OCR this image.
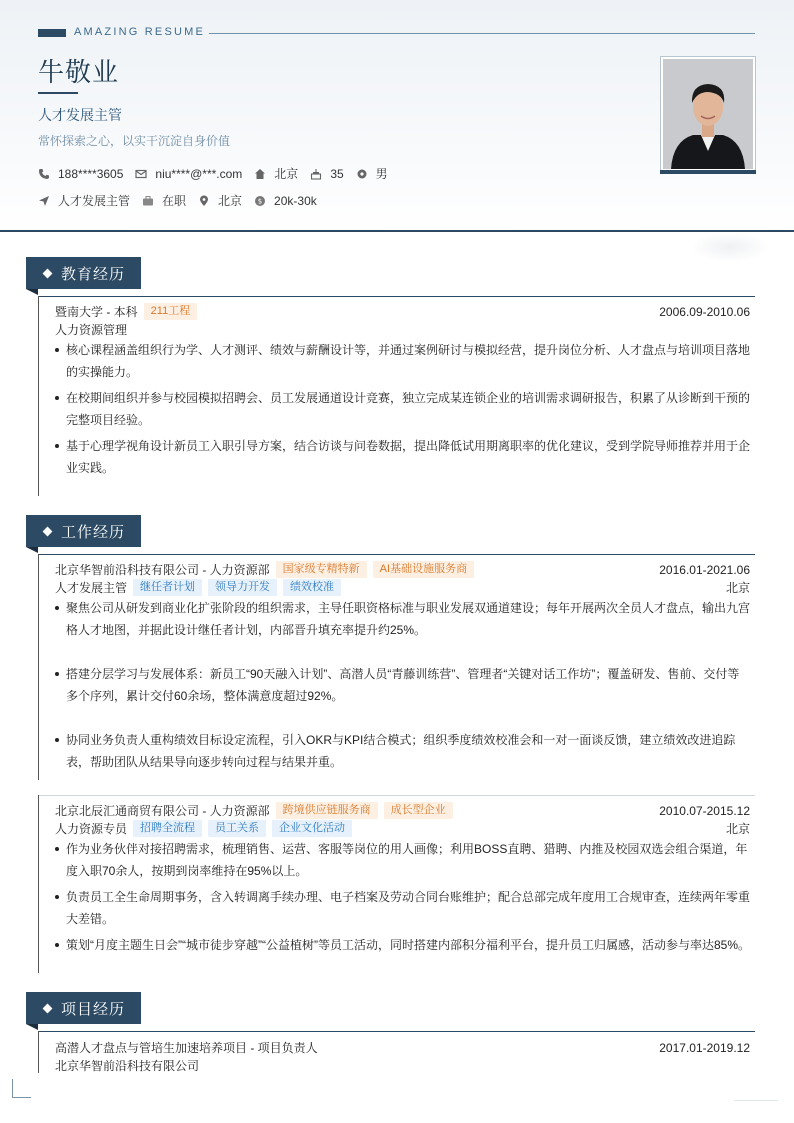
AMAZING RESUME
牛敬业
人才发展主管
常怀探索之心，以实干沉淀自身价值
188****3605	niu****@***.com	北京	35	男
人才发展主管	在职	北京 $ 20k-30k
教育经历
暨南大学 - 本科	211工程	2006.09-2010.06
人力资源管理
核心课程涵盖组织行为学、人才测评、绩效与薪酬设计等，并通过案例研讨与模拟经营，提升岗位分析、人才盘点与培训项目落地的实操能力。
在校期间组织并参与校园模拟招聘会、员工发展通道设计竞赛，独立完成某连锁企业的培训需求调研报告，积累了从诊断到干预的完整项目经验。
基于心理学视角设计新员工入职引导方案，结合访谈与问卷数据，提出降低试用期离职率的优化建议，受到学院导师推荐并用于企业实践。
工作经历
北京华智前沿科技有限公司 - 人力资源部	国家级专精特新	AI基础设施服务商	2016.01-2021.06
人才发展主管	继任者计划	领导力开发	绩效校准	北京
聚焦公司从研发到商业化扩张阶段的组织需求，主导任职资格标准与职业发展双通道建设；每年开展两次全员人才盘点，输出九宫格人才地图，并据此设计继任者计划，内部晋升填充率提升约25%。
搭建分层学习与发展体系：新员工“90天融入计划”、高潜人员“青藤训练营”、管理者“关键对话工作坊”；覆盖研发、售前、交付等多个序列，累计交付60余场，整体满意度超过92%。
协同业务负责人重构绩效目标设定流程，引入OKR与KPI结合模式；组织季度绩效校准会和一对一面谈反馈，建立绩效改进追踪表，帮助团队从结果导向逐步转向过程与结果并重。
北京北辰汇通商贸有限公司 - 人力资源部	跨境供应链服务商	成长型企业	2010.07-2015.12
人力资源专员	招聘全流程	员工关系	企业文化活动	北京
作为业务伙伴对接招聘需求，梳理销售、运营、客服等岗位的用人画像；利用BOSS直聘、猎聘、内推及校园双选会组合渠道，年度入职70余人，按期到岗率维持在95%以上。
负责员工全生命周期事务，含入转调离手续办理、电子档案及劳动合同台账维护；配合总部完成年度用工合规审查，连续两年零重大差错。
策划“月度主题生日会”“城市徒步穿越”“公益植树”等员工活动，同时搭建内部积分福利平台，提升员工归属感，活动参与率达85%。
项目经历
高潜人才盘点与管培生加速培养项目 - 项目负责人	2017.01-2019.12
北京华智前沿科技有限公司
